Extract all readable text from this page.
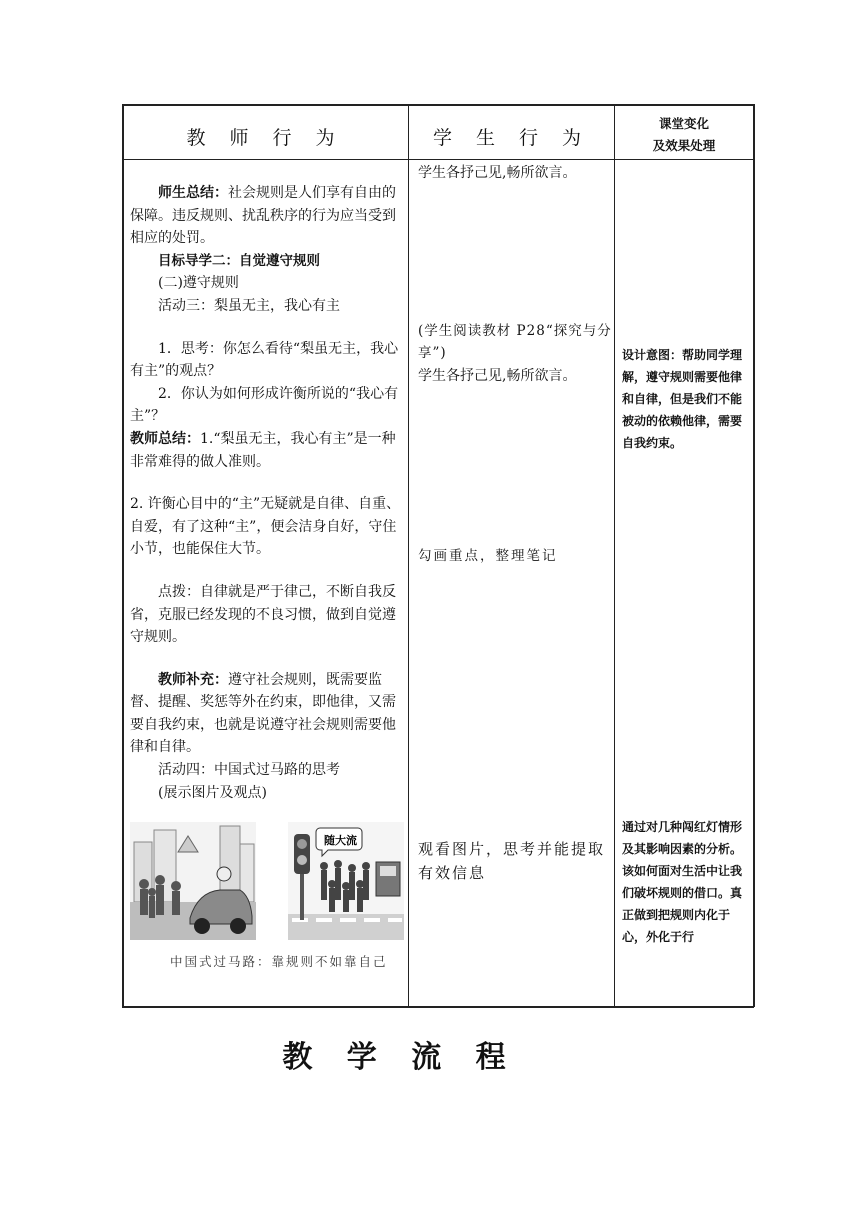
教 师 行 为	学 生 行 为
课堂变化
及效果处理

师生总结：社会规则是人们享有自由的保障。违反规则、扰乱秩序的行为应当受到相应的处罚。

目标导学二：自觉遵守规则

(二)遵守规则

活动三：梨虽无主，我心有主

1．思考：你怎么看待“梨虽无主，我心有主”的观点？

2．你认为如何形成许衡所说的“我心有主”？

教师总结：1.“梨虽无主，我心有主”是一种非常难得的做人准则。

2. 许衡心目中的“主”无疑就是自律、自重、自爱，有了这种“主”，便会洁身自好，守住小节，也能保住大节。

点拨：自律就是严于律己，不断自我反省，克服已经发现的不良习惯，做到自觉遵守规则。

教师补充：遵守社会规则，既需要监督、提醒、奖惩等外在约束，即他律，又需要自我约束，也就是说遵守社会规则需要他律和自律。

活动四：中国式过马路的思考

(展示图片及观点)

随大流
中国式过马路：靠规则不如靠自己
学生各抒己见,畅所欲言。
(学生阅读教材 P28“探究与分享”)
学生各抒己见,畅所欲言。
勾画重点，整理笔记
观看图片，思考并能提取有效信息
设计意图：帮助同学理解，遵守规则需要他律和自律，但是我们不能被动的依赖他律，需要自我约束。
通过对几种闯红灯情形及其影响因素的分析。该如何面对生活中让我们破坏规则的借口。真正做到把规则内化于心，外化于行
教 学 流 程
